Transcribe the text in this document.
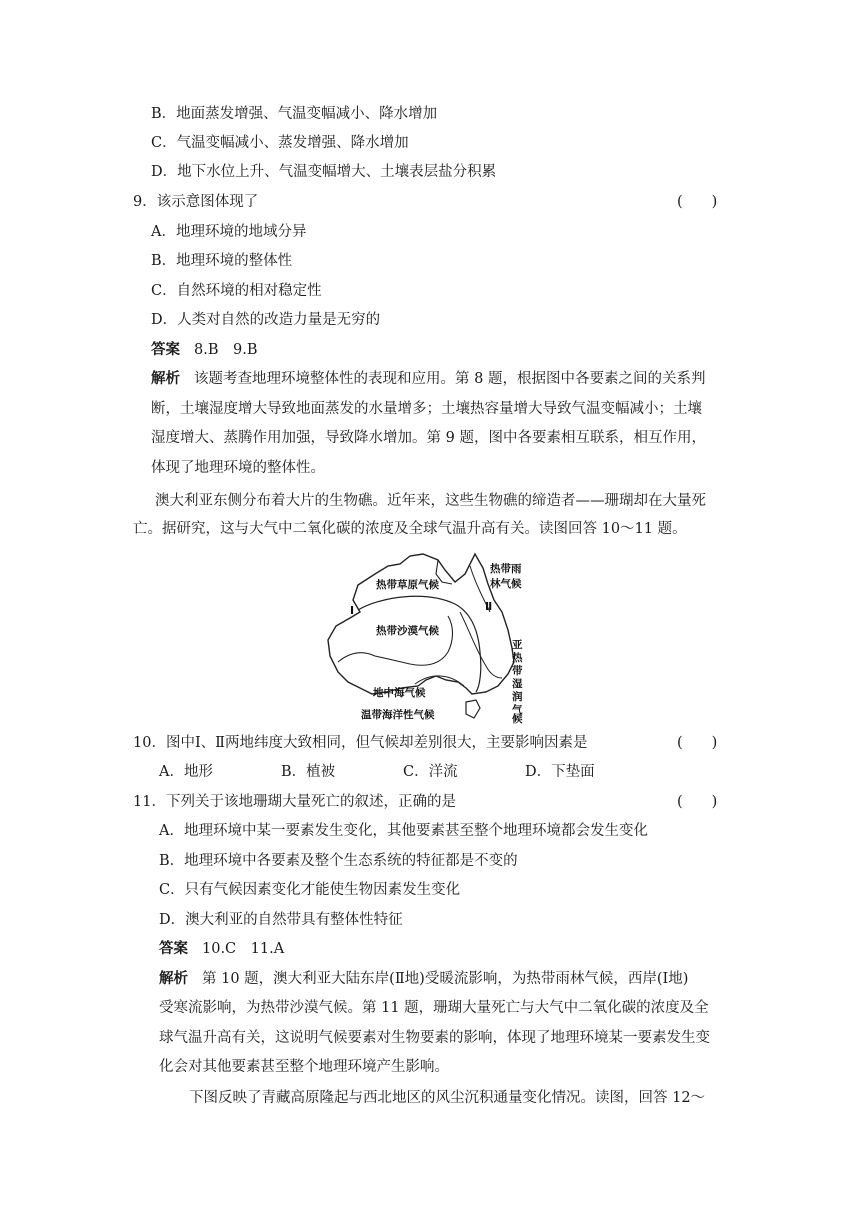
B．地面蒸发增强、气温变幅减小、降水增加
C．气温变幅减小、蒸发增强、降水增加
D．地下水位上升、气温变幅增大、土壤表层盐分积累
9．该示意图体现了	(　　)
A．地理环境的地域分异
B．地理环境的整体性
C．自然环境的相对稳定性
D．人类对自然的改造力量是无穷的
答案 8.B　9.B
解析 该题考查地理环境整体性的表现和应用。第 8 题，根据图中各要素之间的关系判
断，土壤湿度增大导致地面蒸发的水量增多；土壤热容量增大导致气温变幅减小；土壤
湿度增大、蒸腾作用加强，导致降水增加。第 9 题，图中各要素相互联系，相互作用，
体现了地理环境的整体性。
澳大利亚东侧分布着大片的生物礁。近年来，这些生物礁的缔造者——珊瑚却在大量死
亡。据研究，这与大气中二氧化碳的浓度及全球气温升高有关。读图回答 10～11 题。
热带雨
林气候
热带草原气候
热带沙漠气候
地中海气候
温带海洋性气候
Ⅰ	Ⅱ
亚
热
带
湿
润
气
候
10．图中Ⅰ、Ⅱ两地纬度大致相同，但气候却差别很大，主要影响因素是	(　　)
A．地形	B．植被	C．洋流	D．下垫面
11．下列关于该地珊瑚大量死亡的叙述，正确的是	(　　)
A．地理环境中某一要素发生变化，其他要素甚至整个地理环境都会发生变化
B．地理环境中各要素及整个生态系统的特征都是不变的
C．只有气候因素变化才能使生物因素发生变化
D．澳大利亚的自然带具有整体性特征
答案 10.C　11.A
解析 第 10 题，澳大利亚大陆东岸(Ⅱ地)受暖流影响，为热带雨林气候，西岸(Ⅰ地)
受寒流影响，为热带沙漠气候。第 11 题，珊瑚大量死亡与大气中二氧化碳的浓度及全
球气温升高有关，这说明气候要素对生物要素的影响，体现了地理环境某一要素发生变
化会对其他要素甚至整个地理环境产生影响。
下图反映了青藏高原隆起与西北地区的风尘沉积通量变化情况。读图，回答 12～
